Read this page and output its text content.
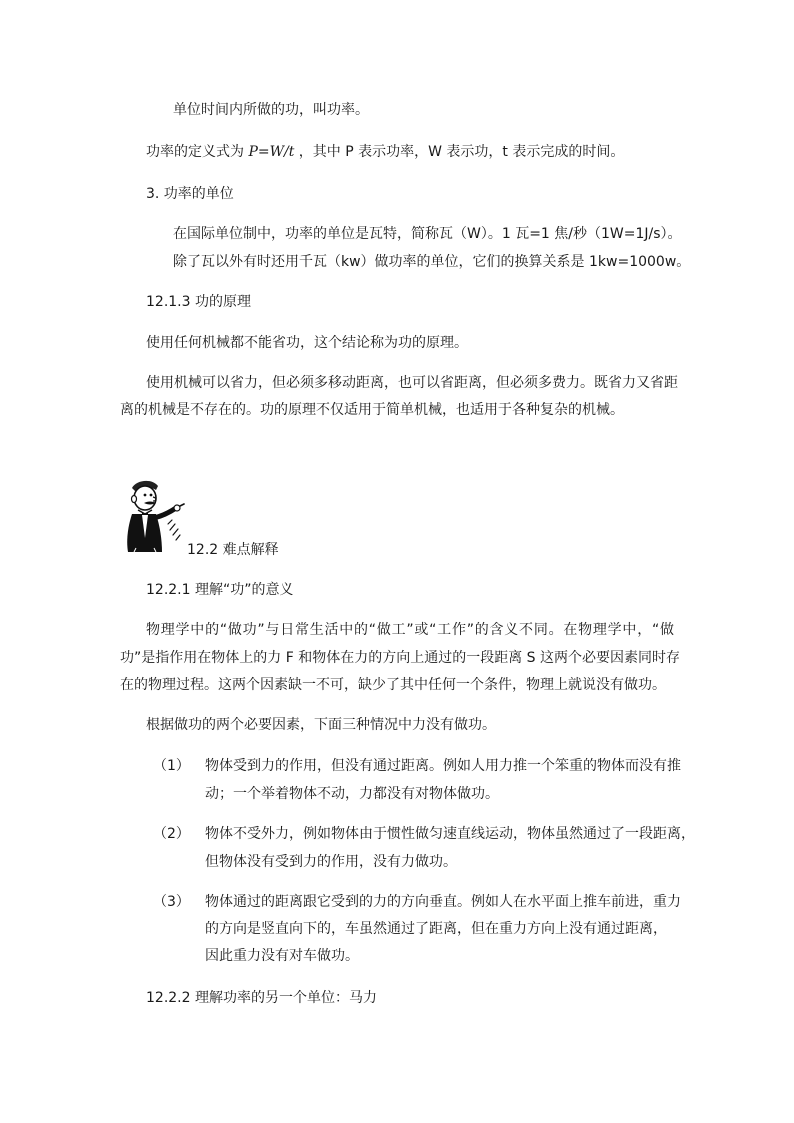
单位时间内所做的功，叫功率。
功率的定义式为 P=W/t ，其中 P 表示功率，W 表示功，t 表示完成的时间。
3. 功率的单位
在国际单位制中，功率的单位是瓦特，简称瓦（W）。1 瓦=1 焦/秒（1W=1J/s）。
除了瓦以外有时还用千瓦（kw）做功率的单位，它们的换算关系是 1kw=1000w。
12.1.3 功的原理
使用任何机械都不能省功，这个结论称为功的原理。
使用机械可以省力，但必须多移动距离，也可以省距离，但必须多费力。既省力又省距
离的机械是不存在的。功的原理不仅适用于简单机械，也适用于各种复杂的机械。
12.2 难点解释
12.2.1 理解“功”的意义
物理学中的“做功”与日常生活中的“做工”或“工作”的含义不同。在物理学中，“做
功”是指作用在物体上的力 F 和物体在力的方向上通过的一段距离 S 这两个必要因素同时存
在的物理过程。这两个因素缺一不可，缺少了其中任何一个条件，物理上就说没有做功。
根据做功的两个必要因素，下面三种情况中力没有做功。
（1） 物体受到力的作用，但没有通过距离。例如人用力推一个笨重的物体而没有推
动；一个举着物体不动，力都没有对物体做功。
（2） 物体不受外力，例如物体由于惯性做匀速直线运动，物体虽然通过了一段距离，
但物体没有受到力的作用，没有力做功。
（3） 物体通过的距离跟它受到的力的方向垂直。例如人在水平面上推车前进，重力
的方向是竖直向下的，车虽然通过了距离，但在重力方向上没有通过距离，
因此重力没有对车做功。
12.2.2 理解功率的另一个单位：马力
